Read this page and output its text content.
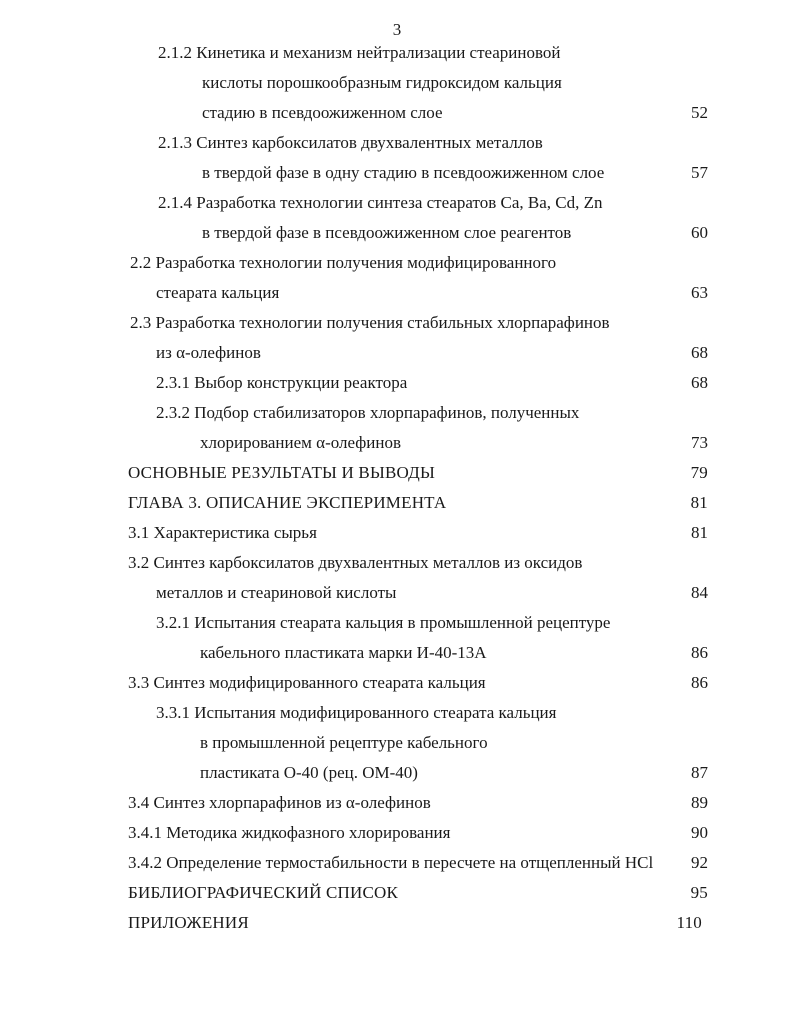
3
2.1.2 Кинетика и механизм нейтрализации стеариновой
кислоты порошкообразным гидроксидом кальция
стадию в псевдоожиженном слое	52
2.1.3 Синтез карбоксилатов двухвалентных металлов
в твердой фазе в одну стадию в псевдоожиженном слое	57
2.1.4 Разработка технологии синтеза стеаратов Ca, Ba, Cd, Zn
в твердой фазе в псевдоожиженном слое реагентов	60
2.2 Разработка технологии получения модифицированного
стеарата кальция	63
2.3 Разработка технологии получения стабильных хлорпарафинов
из α-олефинов	68
2.3.1 Выбор конструкции реактора	68
2.3.2 Подбор стабилизаторов хлорпарафинов, полученных
хлорированием α-олефинов	73
ОСНОВНЫЕ РЕЗУЛЬТАТЫ И ВЫВОДЫ	79
ГЛАВА 3. ОПИСАНИЕ ЭКСПЕРИМЕНТА	81
3.1 Характеристика сырья	81
3.2 Синтез карбоксилатов двухвалентных металлов из оксидов
металлов и стеариновой кислоты	84
3.2.1 Испытания стеарата кальция в промышленной рецептуре
кабельного пластиката марки И-40-13А	86
3.3 Синтез модифицированного стеарата кальция	86
3.3.1 Испытания модифицированного стеарата кальция
в промышленной рецептуре кабельного
пластиката О-40 (рец. ОМ-40)	87
3.4 Синтез хлорпарафинов из α-олефинов	89
3.4.1 Методика жидкофазного хлорирования	90
3.4.2 Определение термостабильности в пересчете на отщепленный HCl 92
БИБЛИОГРАФИЧЕСКИЙ СПИСОК	95
ПРИЛОЖЕНИЯ	110
